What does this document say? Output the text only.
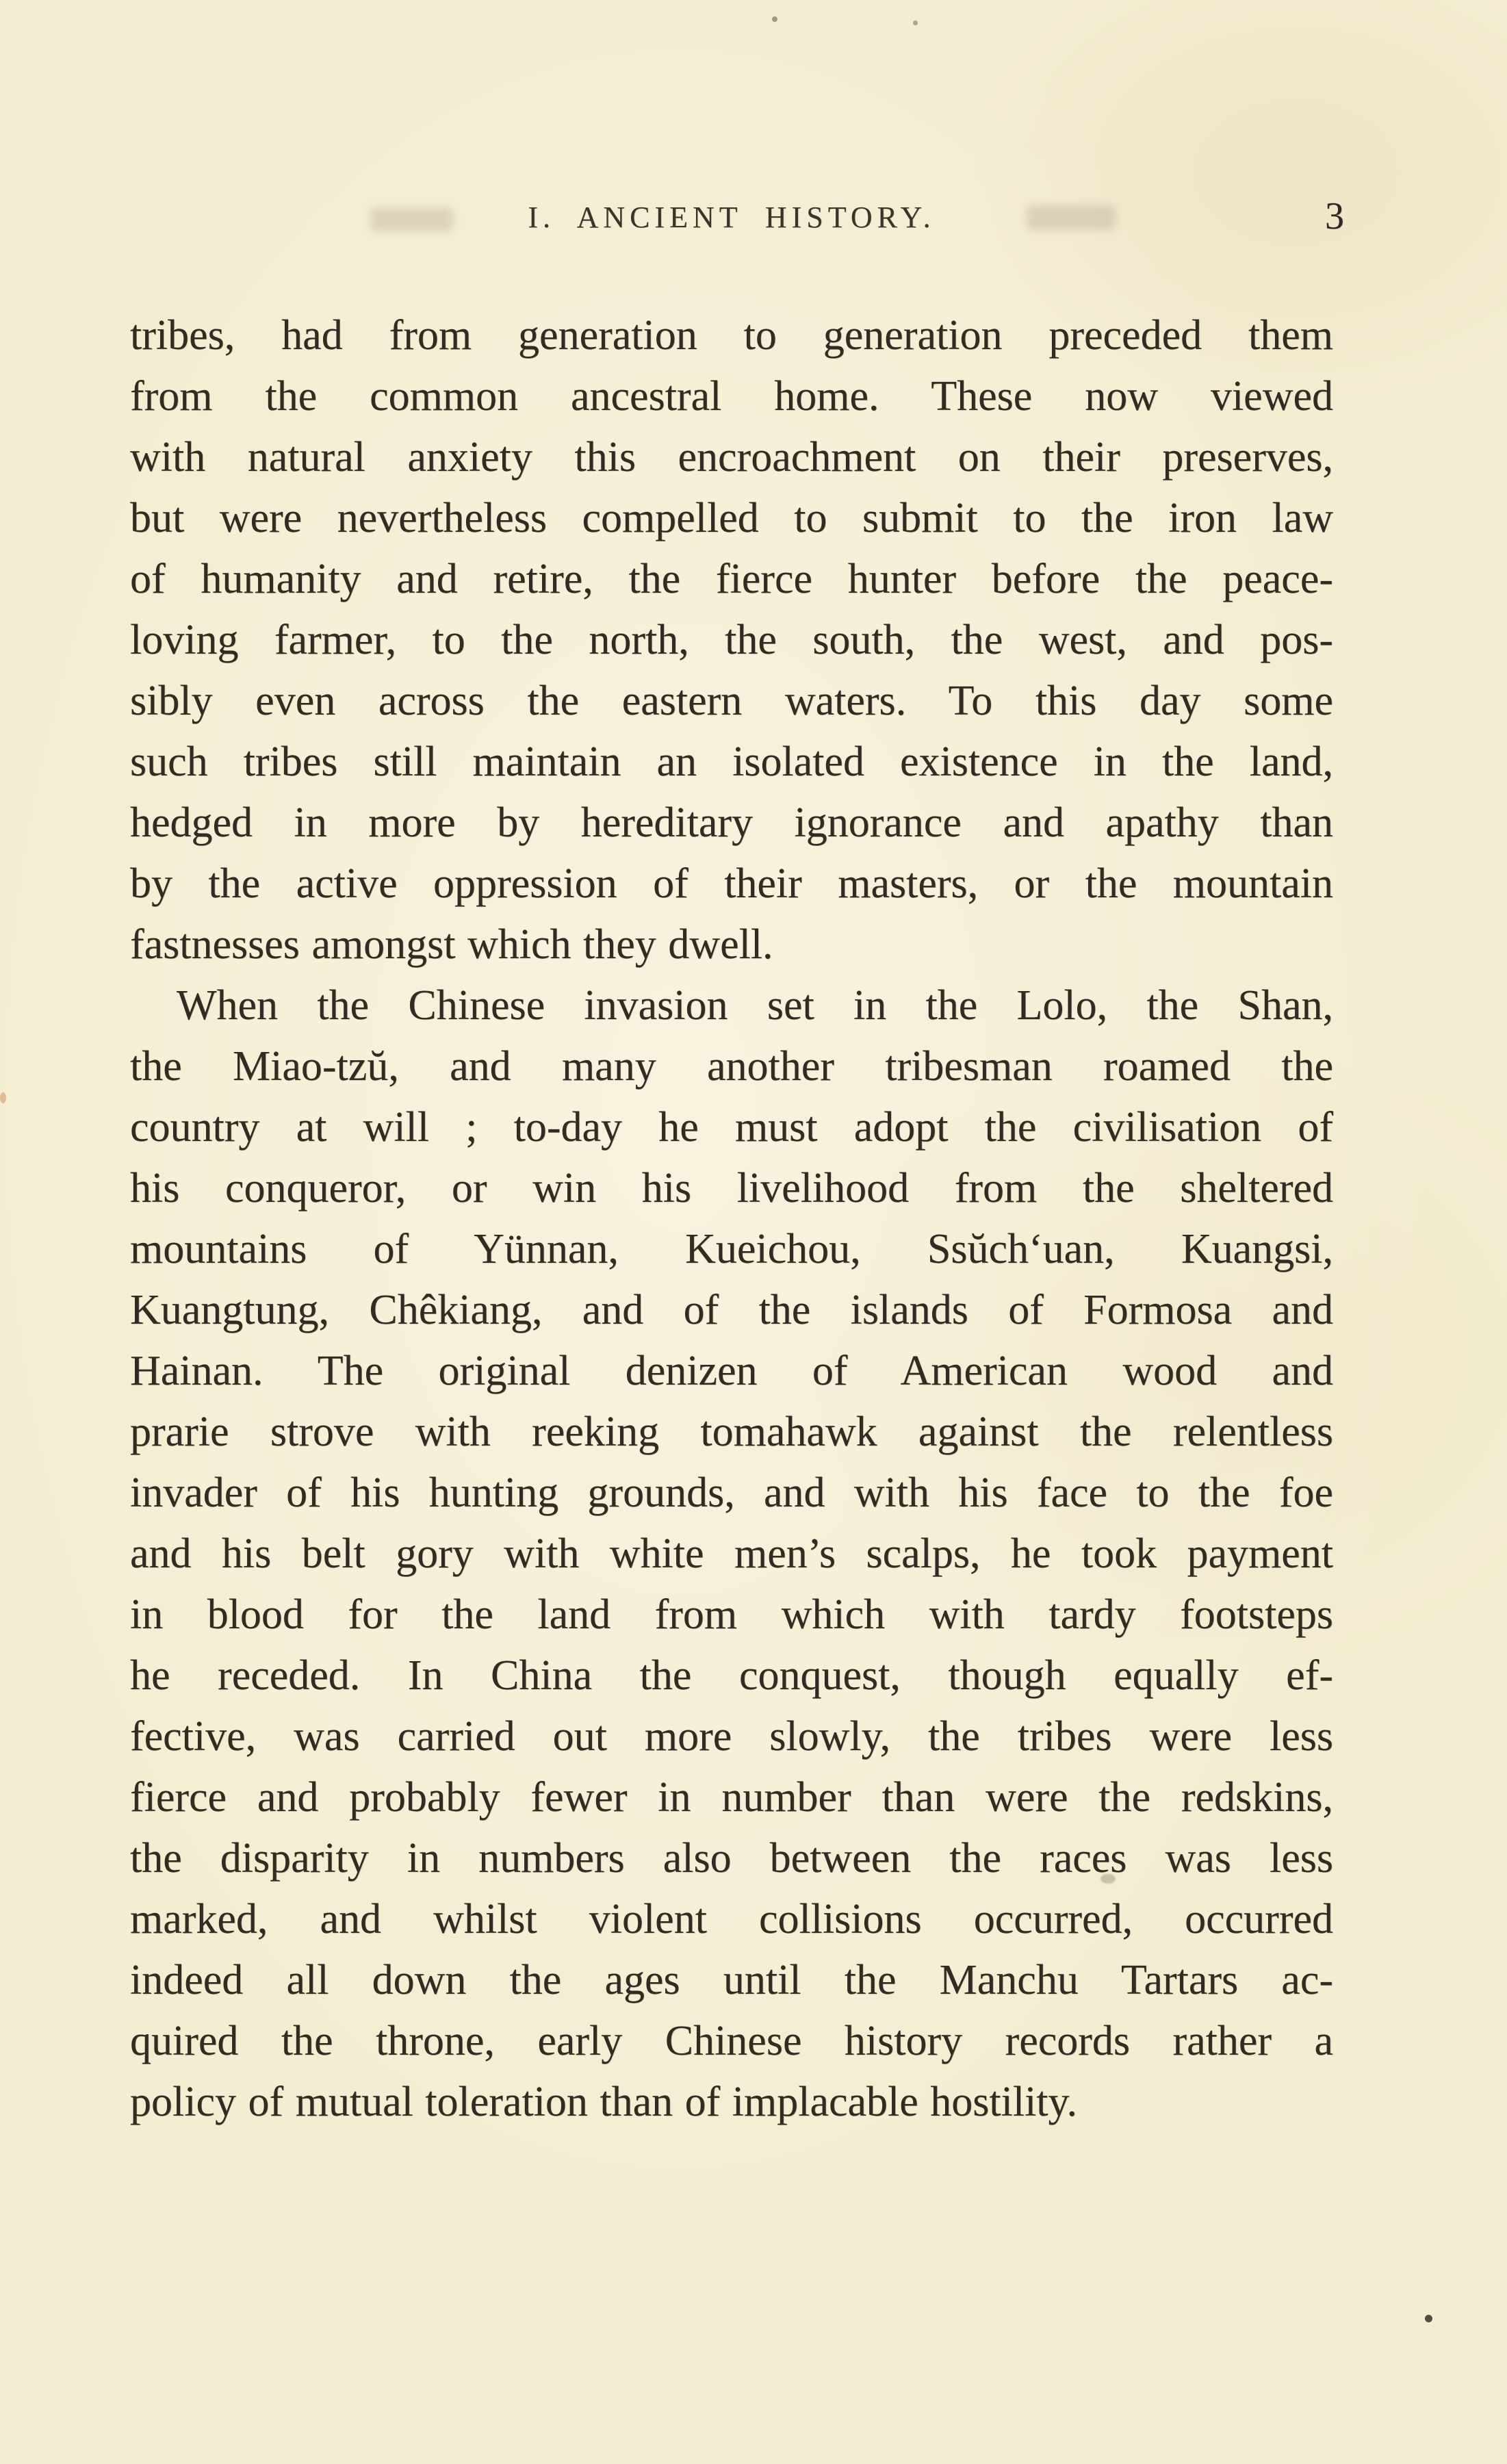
I. ANCIENT HISTORY.	3
tribes, had from generation to generation preceded them
from the common ancestral home. These now viewed
with natural anxiety this encroachment on their preserves,
but were nevertheless compelled to submit to the iron law
of humanity and retire, the fierce hunter before the peace-
loving farmer, to the north, the south, the west, and pos-
sibly even across the eastern waters. To this day some
such tribes still maintain an isolated existence in the land,
hedged in more by hereditary ignorance and apathy than
by the active oppression of their masters, or the mountain
fastnesses amongst which they dwell.
When the Chinese invasion set in the Lolo, the Shan,
the Miao-tzŭ, and many another tribesman roamed the
country at will ; to-day he must adopt the civilisation of
his conqueror, or win his livelihood from the sheltered
mountains of Yünnan, Kueichou, Ssŭch‘uan, Kuangsi,
Kuangtung, Chêkiang, and of the islands of Formosa and
Hainan. The original denizen of American wood and
prarie strove with reeking tomahawk against the relentless
invader of his hunting grounds, and with his face to the foe
and his belt gory with white men’s scalps, he took payment
in blood for the land from which with tardy footsteps
he receded. In China the conquest, though equally ef-
fective, was carried out more slowly, the tribes were less
fierce and probably fewer in number than were the redskins,
the disparity in numbers also between the races was less
marked, and whilst violent collisions occurred, occurred
indeed all down the ages until the Manchu Tartars ac-
quired the throne, early Chinese history records rather a
policy of mutual toleration than of implacable hostility.
